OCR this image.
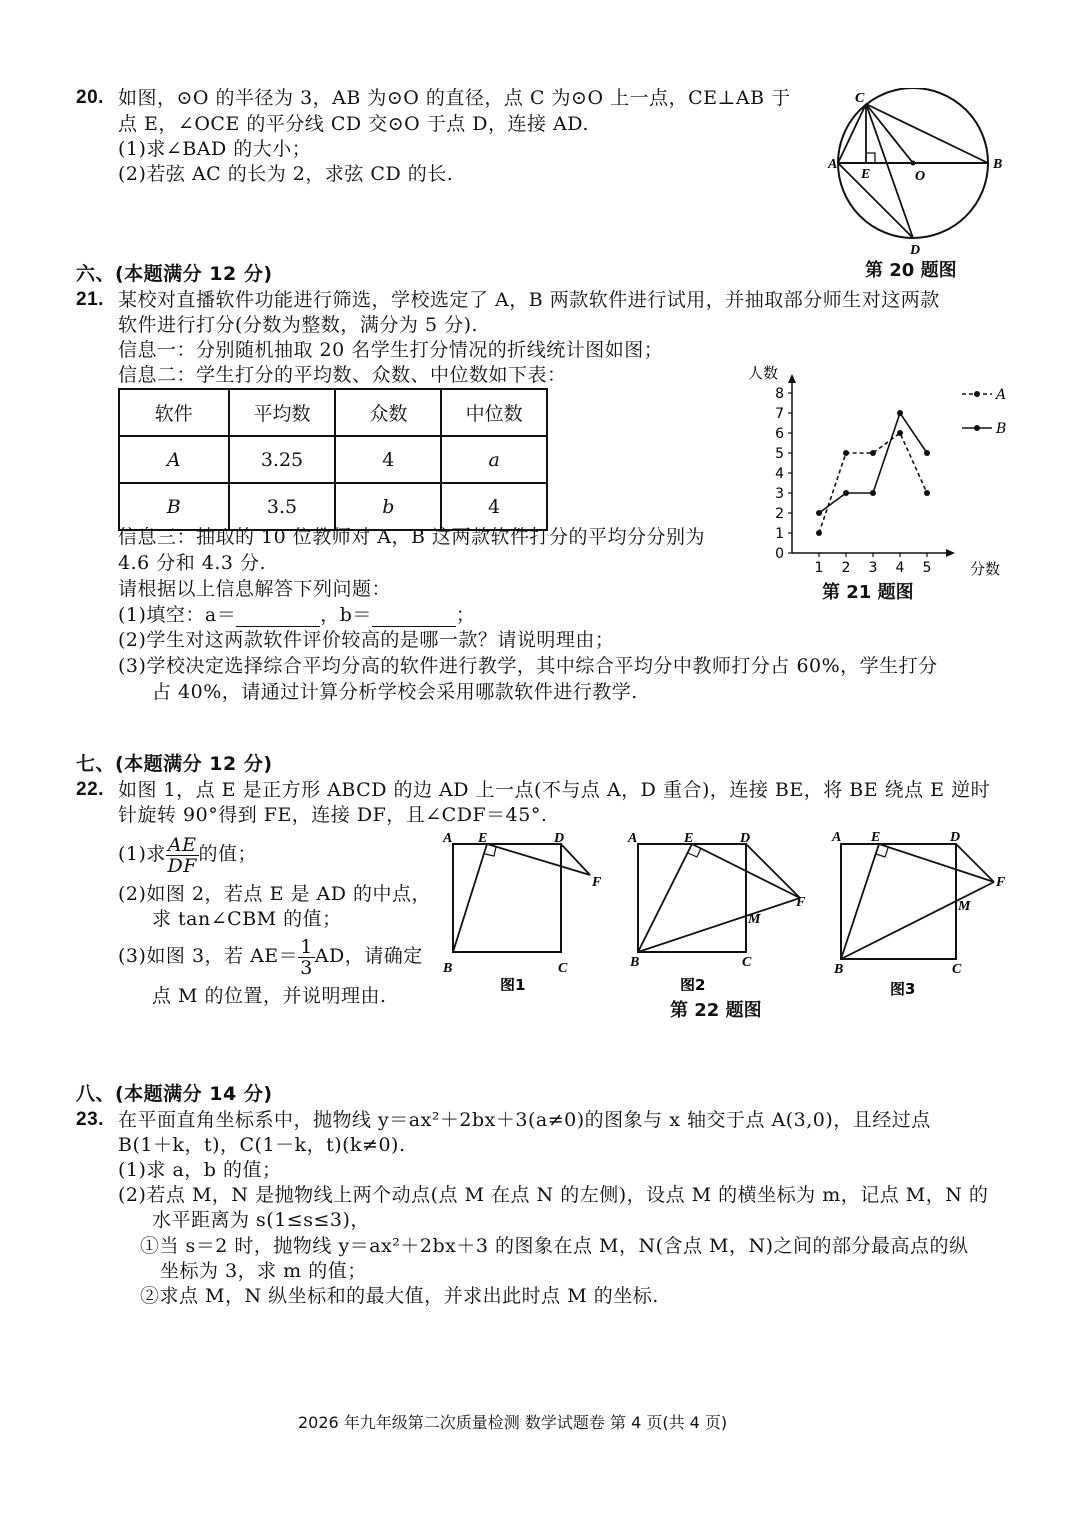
20. 如图，⊙O 的半径为 3，AB 为⊙O 的直径，点 C 为⊙O 上一点，CE⊥AB 于
点 E，∠OCE 的平分线 CD 交⊙O 于点 D，连接 AD.
(1)求∠BAD 的大小；
(2)若弦 AC 的长为 2，求弦 CD 的长.
C
A
E	O
B
D
第 20 题图
六、(本题满分 12 分)
21. 某校对直播软件功能进行筛选，学校选定了 A，B 两款软件进行试用，并抽取部分师生对这两款
软件进行打分(分数为整数，满分为 5 分).
信息一：分别随机抽取 20 名学生打分情况的折线统计图如图；
信息二：学生打分的平均数、众数、中位数如下表：
软件	平均数	众数	中位数
A	3.25	4	a
B	3.5	b	4
信息三：抽取的 10 位教师对 A，B 这两款软件打分的平均分分别为
4.6 分和 4.3 分.
请根据以上信息解答下列问题：
(1)填空：a＝	，b＝	；
(2)学生对这两款软件评价较高的是哪一款？请说明理由；
(3)学校决定选择综合平均分高的软件进行教学，其中综合平均分中教师打分占 60%，学生打分
占 40%，请通过计算分析学校会采用哪款软件进行教学.
人数
分数
0
1
2
3
4
5
6
7
8
1 2 3 4 5
A
B
第 21 题图
七、(本题满分 12 分)
22. 如图 1，点 E 是正方形 ABCD 的边 AD 上一点(不与点 A，D 重合)，连接 BE，将 BE 绕点 E 逆时
针旋转 90°得到 FE，连接 DF，且∠CDF＝45°.
(1)求 $\frac{AE}{DF}$ 的值；
(2)如图 2，若点 E 是 AD 的中点，
求 tan∠CBM 的值；
(3)如图 3，若 $AE= \frac{1}{3}$ AD，请确定
点 M 的位置，并说明理由.
A E	D
F
B	C
图1
A	E	D
F
M
B	C
图2
第 22 题图
A E	D
F
M
B	C
图3
八、(本题满分 14 分)
23. 在平面直角坐标系中，抛物线 y＝ax²＋2bx＋3(a≠0)的图象与 x 轴交于点 A(3,0)，且经过点
B(1＋k，t)，C(1－k，t)(k≠0).
(1)求 a，b 的值；
(2)若点 M，N 是抛物线上两个动点(点 M 在点 N 的左侧)，设点 M 的横坐标为 m，记点 M，N 的
水平距离为 s(1≤s≤3)，
①当 s＝2 时，抛物线 y＝ax²＋2bx＋3 的图象在点 M，N(含点 M，N)之间的部分最高点的纵
坐标为 3，求 m 的值；
②求点 M，N 纵坐标和的最大值，并求出此时点 M 的坐标.
2026 年九年级第二次质量检测 数学试题卷 第 4 页(共 4 页)
